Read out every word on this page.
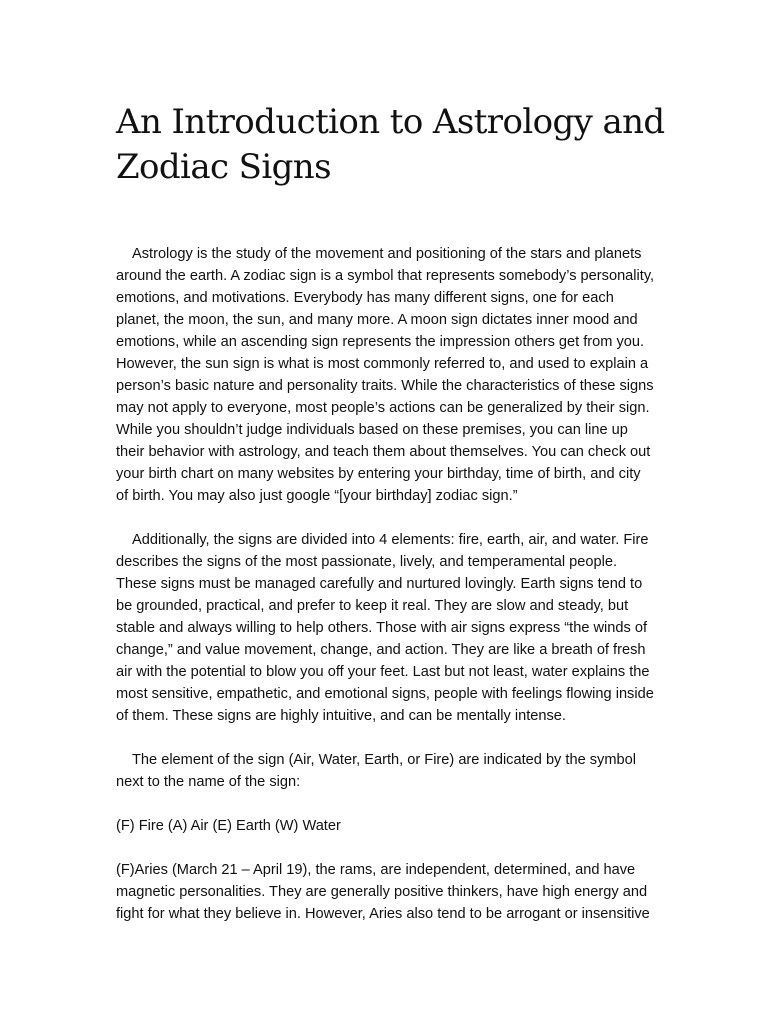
An Introduction to Astrology and Zodiac Signs

Astrology is the study of the movement and positioning of the stars and planets around the earth. A zodiac sign is a symbol that represents somebody’s personality, emotions, and motivations. Everybody has many different signs, one for each planet, the moon, the sun, and many more. A moon sign dictates inner mood and emotions, while an ascending sign represents the impression others get from you. However, the sun sign is what is most commonly referred to, and used to explain a person’s basic nature and personality traits. While the characteristics of these signs may not apply to everyone, most people’s actions can be generalized by their sign. While you shouldn’t judge individuals based on these premises, you can line up their behavior with astrology, and teach them about themselves. You can check out your birth chart on many websites by entering your birthday, time of birth, and city of birth. You may also just google “[your birthday] zodiac sign.”

Additionally, the signs are divided into 4 elements: fire, earth, air, and water. Fire describes the signs of the most passionate, lively, and temperamental people. These signs must be managed carefully and nurtured lovingly. Earth signs tend to be grounded, practical, and prefer to keep it real. They are slow and steady, but stable and always willing to help others. Those with air signs express “the winds of change,” and value movement, change, and action. They are like a breath of fresh air with the potential to blow you off your feet. Last but not least, water explains the most sensitive, empathetic, and emotional signs, people with feelings flowing inside of them. These signs are highly intuitive, and can be mentally intense.

The element of the sign (Air, Water, Earth, or Fire) are indicated by the symbol next to the name of the sign:

(F) Fire (A) Air (E) Earth (W) Water

(F)Aries (March 21 – April 19), the rams, are independent, determined, and have magnetic personalities. They are generally positive thinkers, have high energy and fight for what they believe in. However, Aries also tend to be arrogant or insensitive
